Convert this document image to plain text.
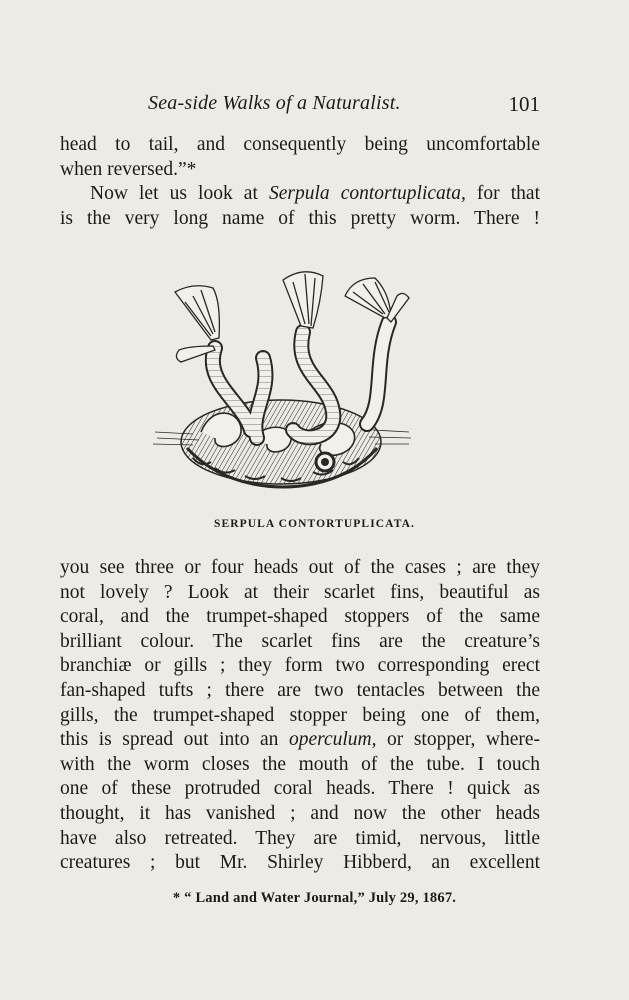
Sea-side Walks of a Naturalist.	101
head to tail, and consequently being uncomfortable
when reversed.”*
Now let us look at Serpula contortuplicata, for that
is the very long name of this pretty worm. There !
SERPULA CONTORTUPLICATA.
you see three or four heads out of the cases ; are they
not lovely ? Look at their scarlet fins, beautiful as
coral, and the trumpet-shaped stoppers of the same
brilliant colour. The scarlet fins are the creature’s
branchiæ or gills ; they form two corresponding erect
fan-shaped tufts ; there are two tentacles between the
gills, the trumpet-shaped stopper being one of them,
this is spread out into an operculum, or stopper, where-
with the worm closes the mouth of the tube. I touch
one of these protruded coral heads. There ! quick as
thought, it has vanished ; and now the other heads
have also retreated. They are timid, nervous, little
creatures ; but Mr. Shirley Hibberd, an excellent
* “ Land and Water Journal,” July 29, 1867.
